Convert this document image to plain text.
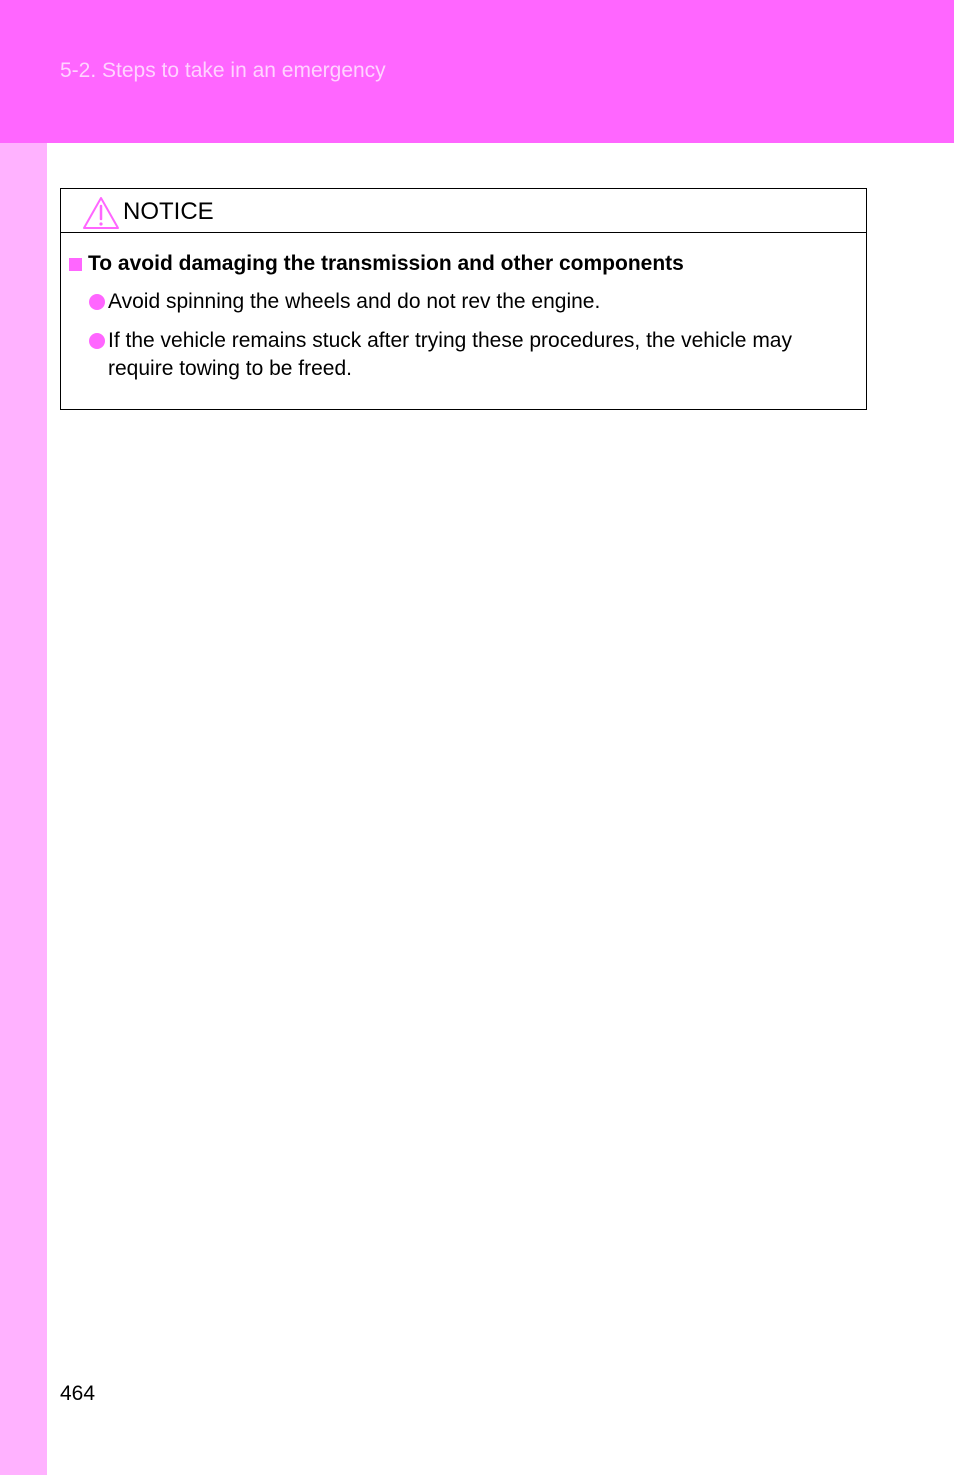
5-2. Steps to take in an emergency
NOTICE
To avoid damaging the transmission and other components
Avoid spinning the wheels and do not rev the engine.
If the vehicle remains stuck after trying these procedures, the vehicle may
require towing to be freed.
464
